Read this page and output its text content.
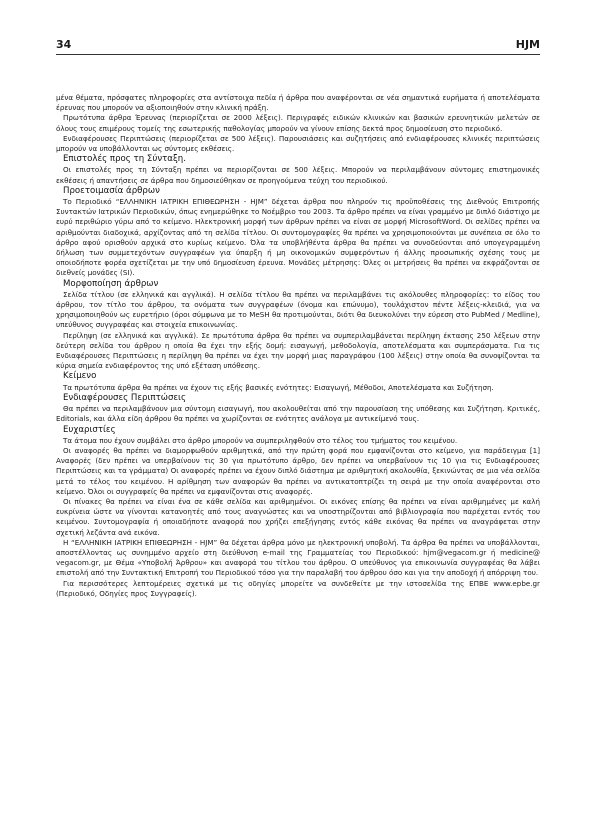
34	HJM

μένα θέματα, πρόσφατες πληροφορίες στα αντίστοιχα πεδία ή άρθρα που αναφέρονται σε νέα σημαντικά ευρήματα ή αποτελέσματα έρευνας που μπορούν να αξιοποιηθούν στην κλινική πράξη.

Πρωτότυπα άρθρα Έρευνας (περιορίζεται σε 2000 λέξεις). Περιγραφές ειδικών κλινικών και βασικών ερευνητικών μελετών σε όλους τους επιμέρους τομείς της εσωτερικής παθολογίας μπορούν να γίνουν επίσης δεκτά προς δημοσίευση στο περιοδικό.

Ενδιαφέρουσες Περιπτώσεις (περιορίζεται σε 500 λέξεις). Παρουσιάσεις και συζητήσεις από ενδιαφέρουσες κλινικές περιπτώσεις μπορούν να υποβάλλονται ως σύντομες εκθέσεις.

Επιστολές προς τη Σύνταξη.

Οι επιστολές προς τη Σύνταξη πρέπει να περιορίζονται σε 500 λέξεις. Μπορούν να περιλαμβάνουν σύντομες επιστημονικές εκθέσεις ή απαντήσεις σε άρθρα που δημοσιεύθηκαν σε προηγούμενα τεύχη του περιοδικού.

Προετοιμασία άρθρων

Το Περιοδικό “ΕΛΛΗΝΙΚΗ ΙΑΤΡΙΚΗ ΕΠΙΘΕΩΡΗΣΗ - HJM” δέχεται άρθρα που πληρούν τις προϋποθέσεις της Διεθνούς Επιτροπής Συντακτών Ιατρικών Περιοδικών, όπως ενημερώθηκε το Νοέμβριο του 2003. Τα άρθρο πρέπει να είναι γραμμένο με διπλό διάστιχο με ευρύ περιθώριο γύρω από το κείμενο. Ηλεκτρονική μορφή των άρθρων πρέπει να είναι σε μορφή MicrosoftWord. Οι σελίδες πρέπει να αριθμούνται διαδοχικά, αρχίζοντας από τη σελίδα τίτλου. Οι συντομογραφίες θα πρέπει να χρησιμοποιούνται με συνέπεια σε όλο το άρθρο αφού ορισθούν αρχικά στο κυρίως κείμενο. Όλα τα υποβλήθέντα άρθρα θα πρέπει να συνοδεύονται από υπογεγραμμένη δήλωση των συμμετεχόντων συγγραφέων για ύπαρξη ή μη οικονομικών συμφερόντων ή άλλης προσωπικής σχέσης τους με οποιοδήποτε φορέα σχετίζεται με την υπό δημοσίευση έρευνα. Μονάδες μέτρησης: Όλες οι μετρήσεις θα πρέπει να εκφράζονται σε διεθνείς μονάδες (SI).

Μορφοποίηση άρθρων

Σελίδα τίτλου (σε ελληνικά και αγγλικά). Η σελίδα τίτλου θα πρέπει να περιλαμβάνει τις ακόλουθες πληροφορίες: το είδος του άρθρου, τον τίτλο του άρθρου, τα ονόματα των συγγραφέων (όνομα και επώνυμο), τουλάχιστον πέντε λέξεις-κλειδιά, για να χρησιμοποιηθούν ως ευρετήριο (όροι σύμφωνα με το MeSH θα προτιμούνται, διότι θα διευκολύνει την εύρεση στο PubMed / Medline), υπεύθυνος συγγραφέας και στοιχεία επικοινωνίας.

Περίληψη (σε ελληνικά και αγγλικά). Σε πρωτότυπα άρθρα θα πρέπει να συμπεριλαμβάνεται περίληψη έκτασης 250 λέξεων στην δεύτερη σελίδα του άρθρου η οποία θα έχει την εξής δομή: εισαγωγή, μεθοδολογία, αποτελέσματα και συμπεράσματα. Για τις Ενδιαφέρουσες Περιπτώσεις η περίληψη θα πρέπει να έχει την μορφή μιας παραγράφου (100 λέξεις) στην οποία θα συνοψίζονται τα κύρια σημεία ενδιαφέροντος της υπό εξέταση υπόθεσης.

Κείμενο

Τα πρωτότυπα άρθρα θα πρέπει να έχουν τις εξής βασικές ενότητες: Εισαγωγή, Μέθοδοι, Αποτελέσματα και Συζήτηση.

Ενδιαφέρουσες Περιπτώσεις

Θα πρέπει να περιλαμβάνουν μια σύντομη εισαγωγή, που ακολουθείται από την παρουσίαση της υπόθεσης και Συζήτηση. Κριτικές, Editorials, και άλλα είδη άρθρου θα πρέπει να χωρίζονται σε ενότητες ανάλογα με αντικείμενό τους.

Ευχαριστίες

Τα άτομα που έχουν συμβάλει στο άρθρο μπορούν να συμπεριληφθούν στο τέλος του τμήματος του κειμένου.

Οι αναφορές θα πρέπει να διαμορφωθούν αριθμητικά, από την πρώτη φορά που εμφανίζονται στο κείμενο, για παράδειγμα [1] Αναφορές (δεν πρέπει να υπερβαίνουν τις 30 για πρωτότυπο άρθρο, δεν πρέπει να υπερβαίνουν τις 10 για τις Ενδιαφέρουσες Περιπτώσεις και τα γράμματα) Οι αναφορές πρέπει να έχουν διπλό διάστημα με αριθμητική ακολουθία, ξεκινώντας σε μια νέα σελίδα μετά το τέλος του κειμένου. Η αρίθμηση των αναφορών θα πρέπει να αντικατοπτρίζει τη σειρά με την οποία αναφέρονται στο κείμενο. Όλοι οι συγγραφείς θα πρέπει να εμφανίζονται στις αναφορές.

Οι πίνακες θα πρέπει να είναι ένα σε κάθε σελίδα και αριθμημένοι. Οι εικόνες επίσης θα πρέπει να είναι αριθμημένες με καλή ευκρίνεια ώστε να γίνονται κατανοητές από τους αναγνώστες και να υποστηρίζονται από βιβλιογραφία που παρέχεται εντός του κειμένου. Συντομογραφία ή οποιαδήποτε αναφορά που χρήζει επεξήγησης εντός κάθε εικόνας θα πρέπει να αναγράφεται στην σχετική λεζάντα ανά εικόνα.

Η “ΕΛΛΗΝΙΚΗ ΙΑΤΡΙΚΗ ΕΠΙΘΕΩΡΗΣΗ - HJM” θα δέχεται άρθρα μόνο με ηλεκτρονική υποβολή. Τα άρθρα θα πρέπει να υποβάλλονται, αποστέλλοντας ως συνημμένο αρχείο στη διεύθυνση e-mail της Γραμματείας του Περιοδικού: hjm@vegacom.gr ή medicine@ vegacom.gr, με Θέμα «Υποβολή Άρθρου» και αναφορά του τίτλου του άρθρου. Ο υπεύθυνος για επικοινωνία συγγραφέας θα λάβει επιστολή από την Συντακτική Επιτροπή του Περιοδικού τόσο για την παραλαβή του άρθρου όσο και για την αποδοχή ή απόρριψη του.

Για περισσότερες λεπτομέρειες σχετικά με τις οδηγίες μπορείτε να συνδεθείτε με την ιστοσελίδα της ΕΠΒΕ www.epbe.gr (Περιοδικό, Οδηγίες προς Συγγραφείς).
